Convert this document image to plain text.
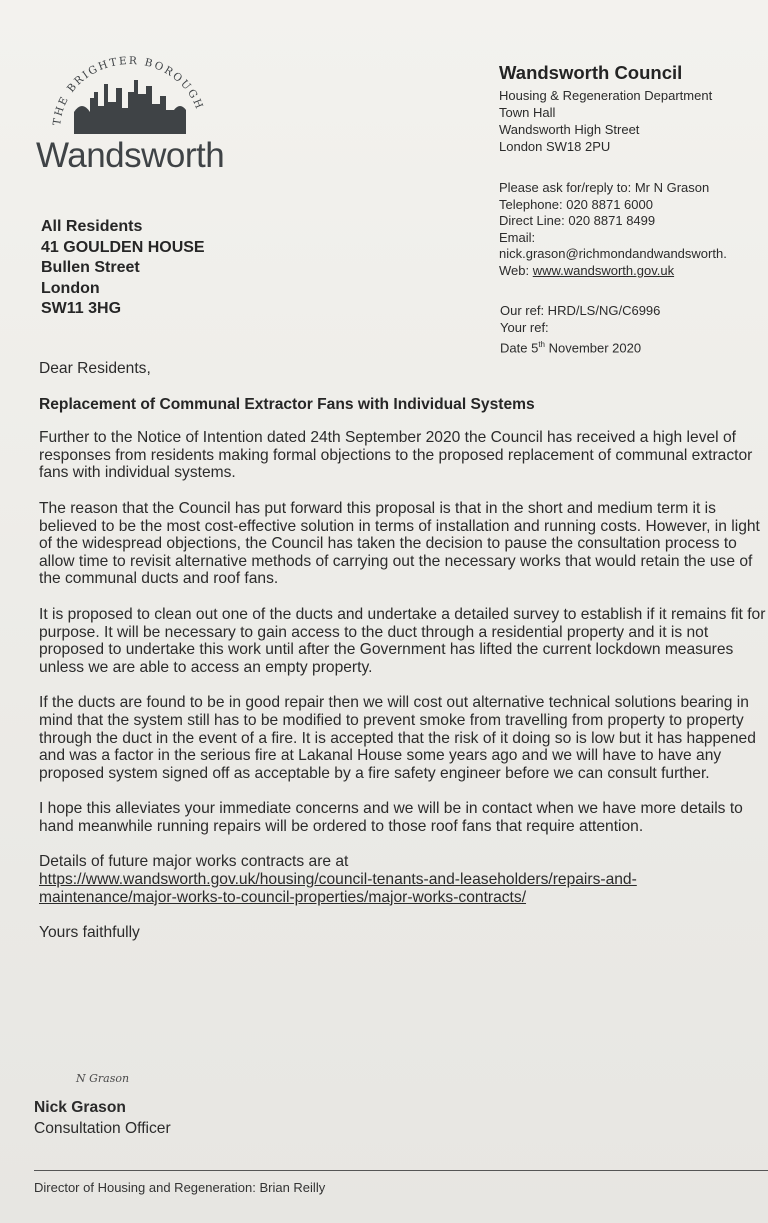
THE BRIGHTER BOROUGH
Wandsworth
Wandsworth Council
Housing & Regeneration Department
Town Hall
Wandsworth High Street
London SW18 2PU
Please ask for/reply to: Mr N Grason
Telephone: 020 8871 6000
Direct Line: 020 8871 8499
Email:
nick.grason@richmondandwandsworth.
Web: www.wandsworth.gov.uk
Our ref: HRD/LS/NG/C6996
Your ref:
Date 5th November 2020
All Residents
41 GOULDEN HOUSE
Bullen Street
London
SW11 3HG

Dear Residents,

Replacement of Communal Extractor Fans with Individual Systems

Further to the Notice of Intention dated 24th September 2020 the Council has received a high level of responses from residents making formal objections to the proposed replacement of communal extractor fans with individual systems.

The reason that the Council has put forward this proposal is that in the short and medium term it is believed to be the most cost-effective solution in terms of installation and running costs. However, in light of the widespread objections, the Council has taken the decision to pause the consultation process to allow time to revisit alternative methods of carrying out the necessary works that would retain the use of the communal ducts and roof fans.

It is proposed to clean out one of the ducts and undertake a detailed survey to establish if it remains fit for purpose. It will be necessary to gain access to the duct through a residential property and it is not proposed to undertake this work until after the Government has lifted the current lockdown measures unless we are able to access an empty property.

If the ducts are found to be in good repair then we will cost out alternative technical solutions bearing in mind that the system still has to be modified to prevent smoke from travelling from property to property through the duct in the event of a fire. It is accepted that the risk of it doing so is low but it has happened and was a factor in the serious fire at Lakanal House some years ago and we will have to have any proposed system signed off as acceptable by a fire safety engineer before we can consult further.

I hope this alleviates your immediate concerns and we will be in contact when we have more details to hand meanwhile running repairs will be ordered to those roof fans that require attention.

Details of future major works contracts are at
https://www.wandsworth.gov.uk/housing/council-tenants-and-leaseholders/repairs-and-maintenance/major-works-to-council-properties/major-works-contracts/

Yours faithfully

N Grason
Nick Grason
Consultation Officer
Director of Housing and Regeneration: Brian Reilly
